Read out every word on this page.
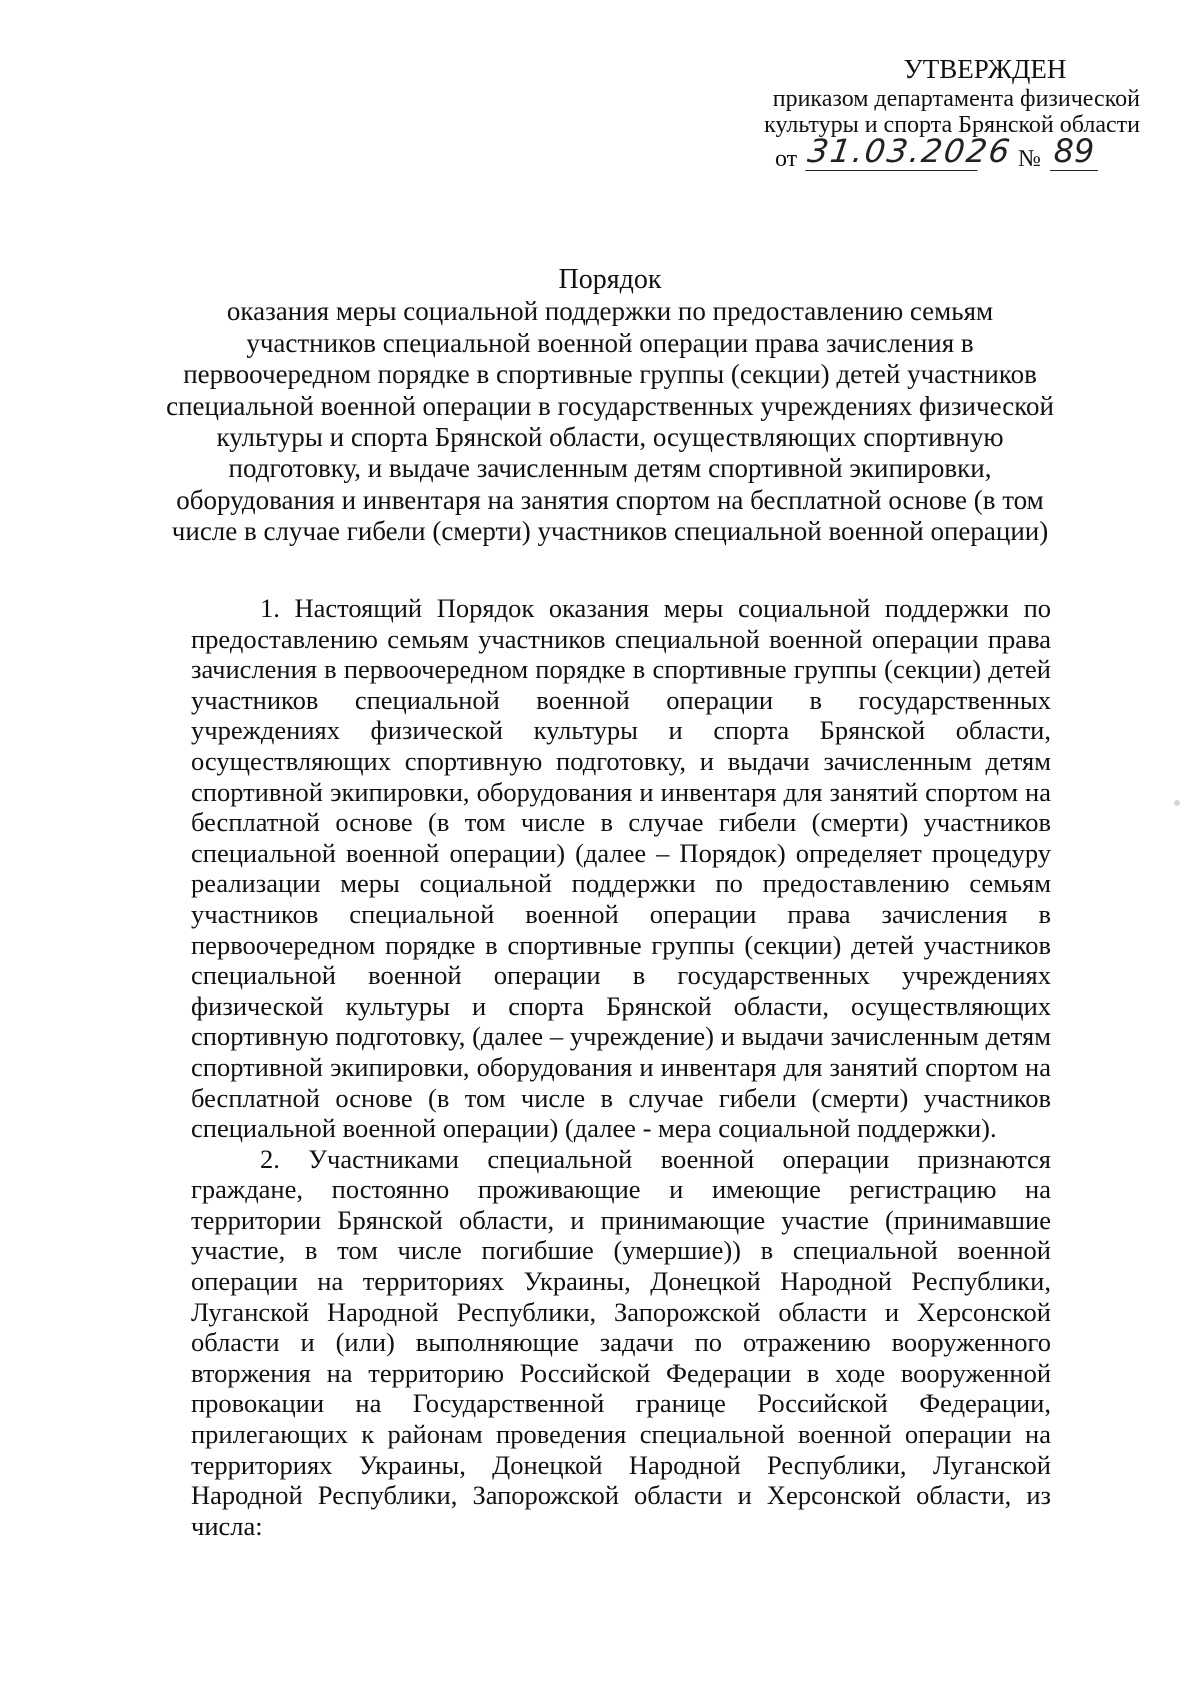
УТВЕРЖДЕН
приказом департамента физической
культуры и спорта Брянской области
от 31.03.2026 № 89
Порядок
оказания меры социальной поддержки по предоставлению семьям участников специальной военной операции права зачисления в первоочередном порядке в спортивные группы (секции) детей участников специальной военной операции в государственных учреждениях физической культуры и спорта Брянской области, осуществляющих спортивную подготовку, и выдаче зачисленным детям спортивной экипировки, оборудования и инвентаря на занятия спортом на бесплатной основе (в том числе в случае гибели (смерти) участников специальной военной операции)

1. Настоящий Порядок оказания меры социальной поддержки по предоставлению семьям участников специальной военной операции права зачисления в первоочередном порядке в спортивные группы (секции) детей участников специальной военной операции в государственных учреждениях физической культуры и спорта Брянской области, осуществляющих спортивную подготовку, и выдачи зачисленным детям спортивной экипировки, оборудования и инвентаря для занятий спортом на бесплатной основе (в том числе в случае гибели (смерти) участников специальной военной операции) (далее – Порядок) определяет процедуру реализации меры социальной поддержки по предоставлению семьям участников специальной военной операции права зачисления в первоочередном порядке в спортивные группы (секции) детей участников специальной военной операции в государственных учреждениях физической культуры и спорта Брянской области, осуществляющих спортивную подготовку, (далее – учреждение) и выдачи зачисленным детям спортивной экипировки, оборудования и инвентаря для занятий спортом на бесплатной основе (в том числе в случае гибели (смерти) участников специальной военной операции) (далее - мера социальной поддержки).

2. Участниками специальной военной операции признаются граждане, постоянно проживающие и имеющие регистрацию на территории Брянской области, и принимающие участие (принимавшие участие, в том числе погибшие (умершие)) в специальной военной операции на территориях Украины, Донецкой Народной Республики, Луганской Народной Республики, Запорожской области и Херсонской области и (или) выполняющие задачи по отражению вооруженного вторжения на территорию Российской Федерации в ходе вооруженной провокации на Государственной границе Российской Федерации, прилегающих к районам проведения специальной военной операции на территориях Украины, Донецкой Народной Республики, Луганской Народной Республики, Запорожской области и Херсонской области, из числа:
